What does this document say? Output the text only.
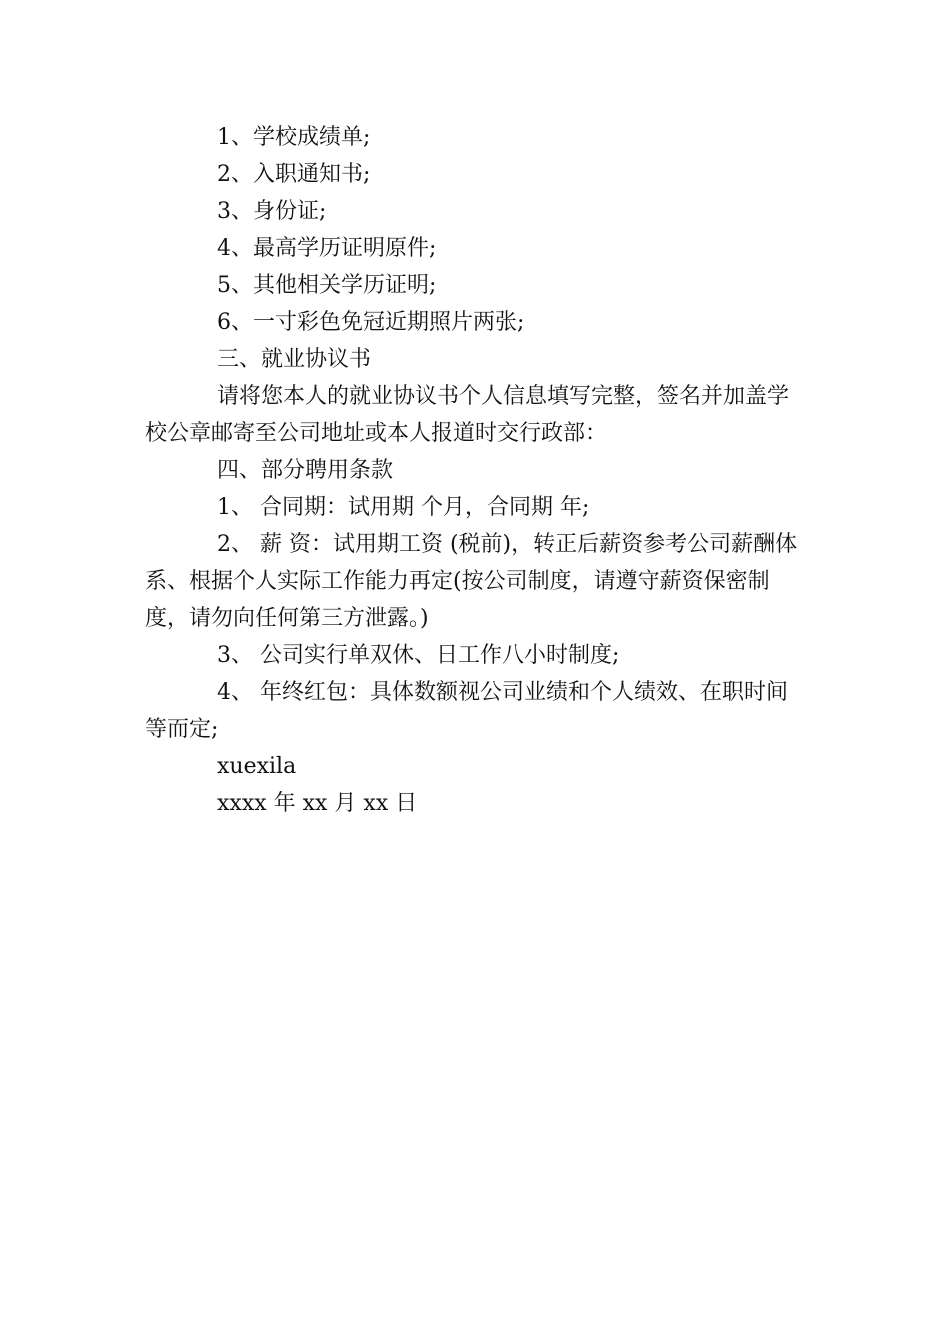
1、学校成绩单;

2、入职通知书;

3、身份证;

4、最高学历证明原件;

5、其他相关学历证明;

6、一寸彩色免冠近期照片两张;

三、就业协议书

请将您本人的就业协议书个人信息填写完整，签名并加盖学校公章邮寄至公司地址或本人报道时交行政部：

四、部分聘用条款

1、 合同期：试用期 个月，合同期 年;

2、 薪 资：试用期工资 (税前)，转正后薪资参考公司薪酬体系、根据个人实际工作能力再定(按公司制度，请遵守薪资保密制度，请勿向任何第三方泄露。)

3、 公司实行单双休、日工作八小时制度;

4、 年终红包：具体数额视公司业绩和个人绩效、在职时间等而定;

xuexila

xxxx 年 xx 月 xx 日
